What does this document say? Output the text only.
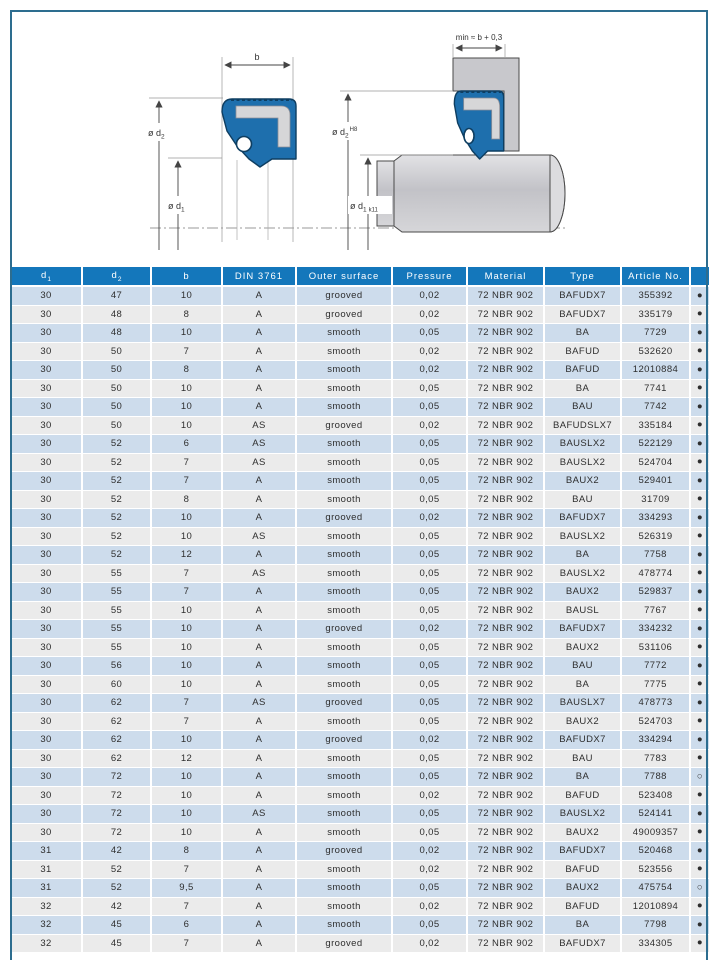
b
ø $d_2$
ø $d_1$
min ≈ b + 0,3
ø $d_2^{H8}$
ø $d_1$ k11
$d_1$	$d_2$	b	DIN 3761	Outer surface	Pressure	Material	Type	Article No.	
30	47	10	A	grooved	0,02	72 NBR 902	BAFUDX7	355392	●
30	48	8	A	grooved	0,02	72 NBR 902	BAFUDX7	335179	●
30	48	10	A	smooth	0,05	72 NBR 902	BA	7729	●
30	50	7	A	smooth	0,02	72 NBR 902	BAFUD	532620	●
30	50	8	A	smooth	0,02	72 NBR 902	BAFUD	12010884	●
30	50	10	A	smooth	0,05	72 NBR 902	BA	7741	●
30	50	10	A	smooth	0,05	72 NBR 902	BAU	7742	●
30	50	10	AS	grooved	0,02	72 NBR 902	BAFUDSLX7	335184	●
30	52	6	AS	smooth	0,05	72 NBR 902	BAUSLX2	522129	●
30	52	7	AS	smooth	0,05	72 NBR 902	BAUSLX2	524704	●
30	52	7	A	smooth	0,05	72 NBR 902	BAUX2	529401	●
30	52	8	A	smooth	0,05	72 NBR 902	BAU	31709	●
30	52	10	A	grooved	0,02	72 NBR 902	BAFUDX7	334293	●
30	52	10	AS	smooth	0,05	72 NBR 902	BAUSLX2	526319	●
30	52	12	A	smooth	0,05	72 NBR 902	BA	7758	●
30	55	7	AS	smooth	0,05	72 NBR 902	BAUSLX2	478774	●
30	55	7	A	smooth	0,05	72 NBR 902	BAUX2	529837	●
30	55	10	A	smooth	0,05	72 NBR 902	BAUSL	7767	●
30	55	10	A	grooved	0,02	72 NBR 902	BAFUDX7	334232	●
30	55	10	A	smooth	0,05	72 NBR 902	BAUX2	531106	●
30	56	10	A	smooth	0,05	72 NBR 902	BAU	7772	●
30	60	10	A	smooth	0,05	72 NBR 902	BA	7775	●
30	62	7	AS	grooved	0,05	72 NBR 902	BAUSLX7	478773	●
30	62	7	A	smooth	0,05	72 NBR 902	BAUX2	524703	●
30	62	10	A	grooved	0,02	72 NBR 902	BAFUDX7	334294	●
30	62	12	A	smooth	0,05	72 NBR 902	BAU	7783	●
30	72	10	A	smooth	0,05	72 NBR 902	BA	7788	○
30	72	10	A	smooth	0,02	72 NBR 902	BAFUD	523408	●
30	72	10	AS	smooth	0,05	72 NBR 902	BAUSLX2	524141	●
30	72	10	A	smooth	0,05	72 NBR 902	BAUX2	49009357	●
31	42	8	A	grooved	0,02	72 NBR 902	BAFUDX7	520468	●
31	52	7	A	smooth	0,02	72 NBR 902	BAFUD	523556	●
31	52	9,5	A	smooth	0,05	72 NBR 902	BAUX2	475754	○
32	42	7	A	smooth	0,02	72 NBR 902	BAFUD	12010894	●
32	45	6	A	smooth	0,05	72 NBR 902	BA	7798	●
32	45	7	A	grooved	0,02	72 NBR 902	BAFUDX7	334305	●
